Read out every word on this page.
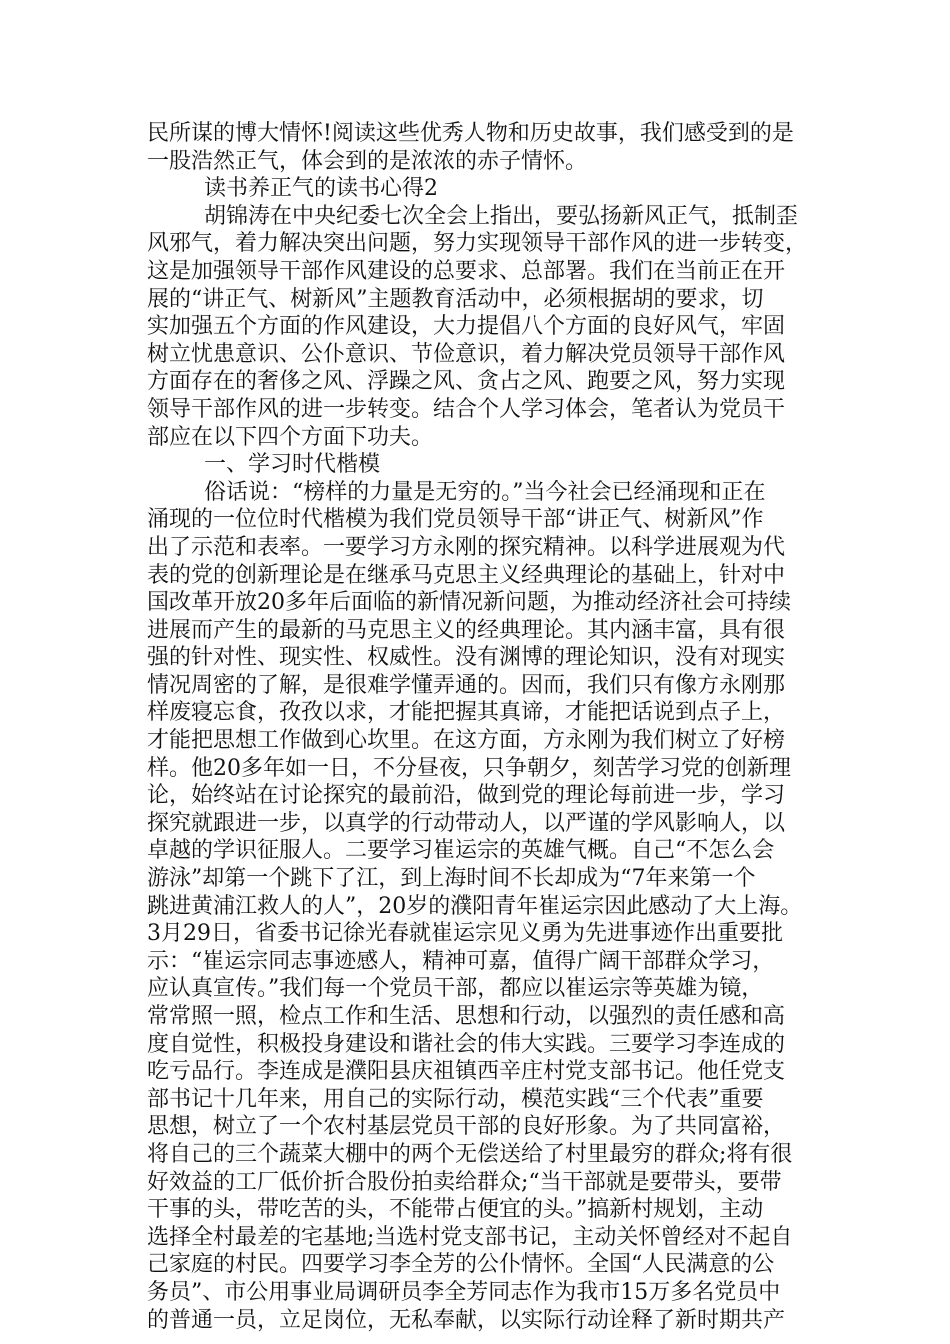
民所谋的博大情怀!阅读这些优秀人物和历史故事，我们感受到的是
一股浩然正气，体会到的是浓浓的赤子情怀。
读书养正气的读书心得2
胡锦涛在中央纪委七次全会上指出，要弘扬新风正气，抵制歪
风邪气，着力解决突出问题，努力实现领导干部作风的进一步转变，
这是加强领导干部作风建设的总要求、总部署。我们在当前正在开
展的“讲正气、树新风”主题教育活动中，必须根据胡的要求，切
实加强五个方面的作风建设，大力提倡八个方面的良好风气，牢固
树立忧患意识、公仆意识、节俭意识，着力解决党员领导干部作风
方面存在的奢侈之风、浮躁之风、贪占之风、跑要之风，努力实现
领导干部作风的进一步转变。结合个人学习体会，笔者认为党员干
部应在以下四个方面下功夫。
一、学习时代楷模
俗话说：“榜样的力量是无穷的。”当今社会已经涌现和正在
涌现的一位位时代楷模为我们党员领导干部“讲正气、树新风”作
出了示范和表率。一要学习方永刚的探究精神。以科学进展观为代
表的党的创新理论是在继承马克思主义经典理论的基础上，针对中
国改革开放20多年后面临的新情况新问题，为推动经济社会可持续
进展而产生的最新的马克思主义的经典理论。其内涵丰富，具有很
强的针对性、现实性、权威性。没有渊博的理论知识，没有对现实
情况周密的了解，是很难学懂弄通的。因而，我们只有像方永刚那
样废寝忘食，孜孜以求，才能把握其真谛，才能把话说到点子上，
才能把思想工作做到心坎里。在这方面，方永刚为我们树立了好榜
样。他20多年如一日，不分昼夜，只争朝夕，刻苦学习党的创新理
论，始终站在讨论探究的最前沿，做到党的理论每前进一步，学习
探究就跟进一步，以真学的行动带动人，以严谨的学风影响人，以
卓越的学识征服人。二要学习崔运宗的英雄气概。自己“不怎么会
游泳”却第一个跳下了江，到上海时间不长却成为“7年来第一个
跳进黄浦江救人的人”，20岁的濮阳青年崔运宗因此感动了大上海。
3月29日，省委书记徐光春就崔运宗见义勇为先进事迹作出重要批
示：“崔运宗同志事迹感人，精神可嘉，值得广阔干部群众学习，
应认真宣传。”我们每一个党员干部，都应以崔运宗等英雄为镜，
常常照一照，检点工作和生活、思想和行动，以强烈的责任感和高
度自觉性，积极投身建设和谐社会的伟大实践。三要学习李连成的
吃亏品行。李连成是濮阳县庆祖镇西辛庄村党支部书记。他任党支
部书记十几年来，用自己的实际行动，模范实践“三个代表”重要
思想，树立了一个农村基层党员干部的良好形象。为了共同富裕，
将自己的三个蔬菜大棚中的两个无偿送给了村里最穷的群众;将有很
好效益的工厂低价折合股份拍卖给群众;“当干部就是要带头，要带
干事的头，带吃苦的头，不能带占便宜的头。”搞新村规划，主动
选择全村最差的宅基地;当选村党支部书记，主动关怀曾经对不起自
己家庭的村民。四要学习李全芳的公仆情怀。全国“人民满意的公
务员”、市公用事业局调研员李全芳同志作为我市15万多名党员中
的普通一员，立足岗位，无私奉献，以实际行动诠释了新时期共产
